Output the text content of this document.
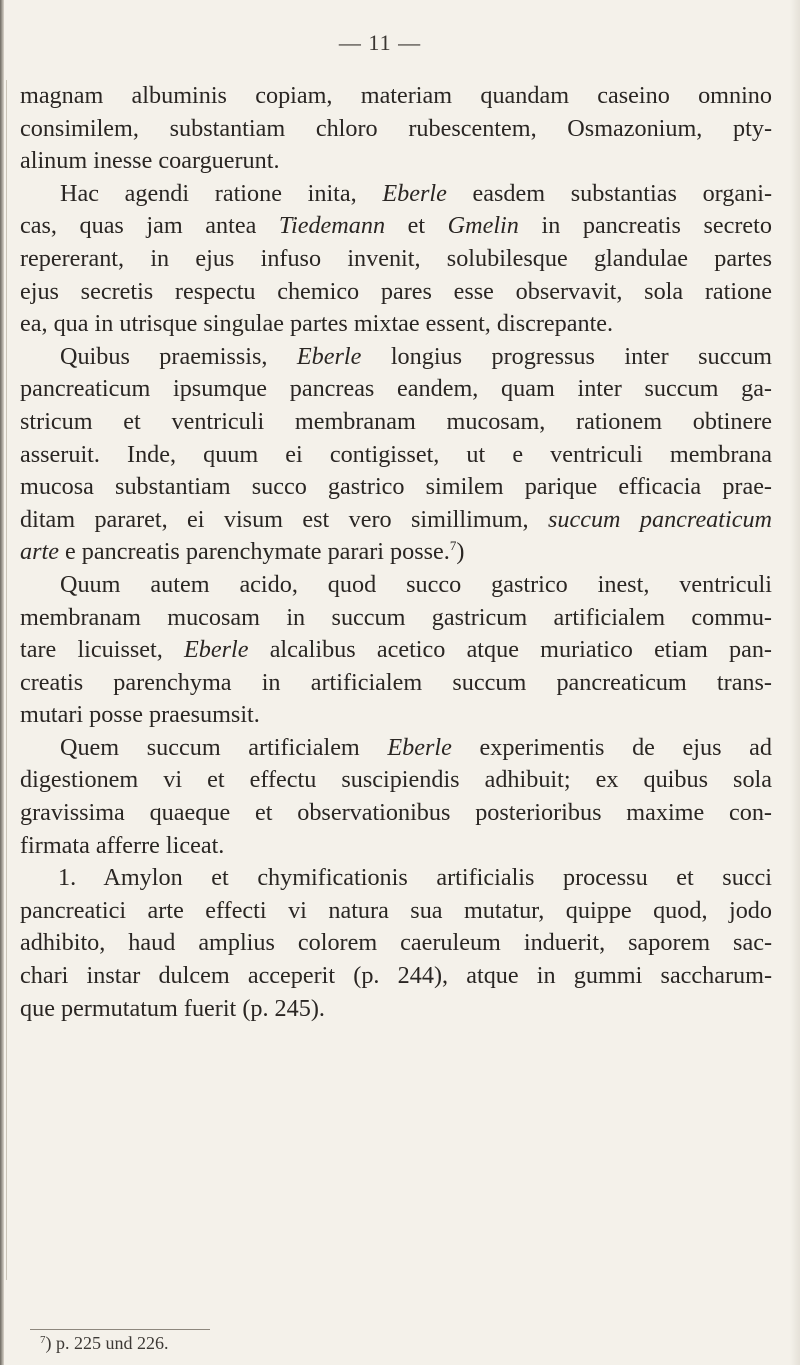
— 11 —
magnam albuminis copiam, materiam quandam caseino omnino
consimilem, substantiam chloro rubescentem, Osmazonium, pty-
alinum inesse coarguerunt.
Hac agendi ratione inita, Eberle easdem substantias organi-
cas, quas jam antea Tiedemann et Gmelin in pancreatis secreto
repererant, in ejus infuso invenit, solubilesque glandulae partes
ejus secretis respectu chemico pares esse observavit, sola ratione
ea, qua in utrisque singulae partes mixtae essent, discrepante.
Quibus praemissis, Eberle longius progressus inter succum
pancreaticum ipsumque pancreas eandem, quam inter succum ga-
stricum et ventriculi membranam mucosam, rationem obtinere
asseruit. Inde, quum ei contigisset, ut e ventriculi membrana
mucosa substantiam succo gastrico similem parique efficacia prae-
ditam pararet, ei visum est vero simillimum, succum pancreaticum
arte e pancreatis parenchymate parari posse.$^7$)
Quum autem acido, quod succo gastrico inest, ventriculi
membranam mucosam in succum gastricum artificialem commu-
tare licuisset, Eberle alcalibus acetico atque muriatico etiam pan-
creatis parenchyma in artificialem succum pancreaticum trans-
mutari posse praesumsit.
Quem succum artificialem Eberle experimentis de ejus ad
digestionem vi et effectu suscipiendis adhibuit; ex quibus sola
gravissima quaeque et observationibus posterioribus maxime con-
firmata afferre liceat.
1. Amylon et chymificationis artificialis processu et succi
pancreatici arte effecti vi natura sua mutatur, quippe quod, jodo
adhibito, haud amplius colorem caeruleum induerit, saporem sac-
chari instar dulcem acceperit (p. 244), atque in gummi saccharum-
que permutatum fuerit (p. 245).
$^7$) p. 225 und 226.
